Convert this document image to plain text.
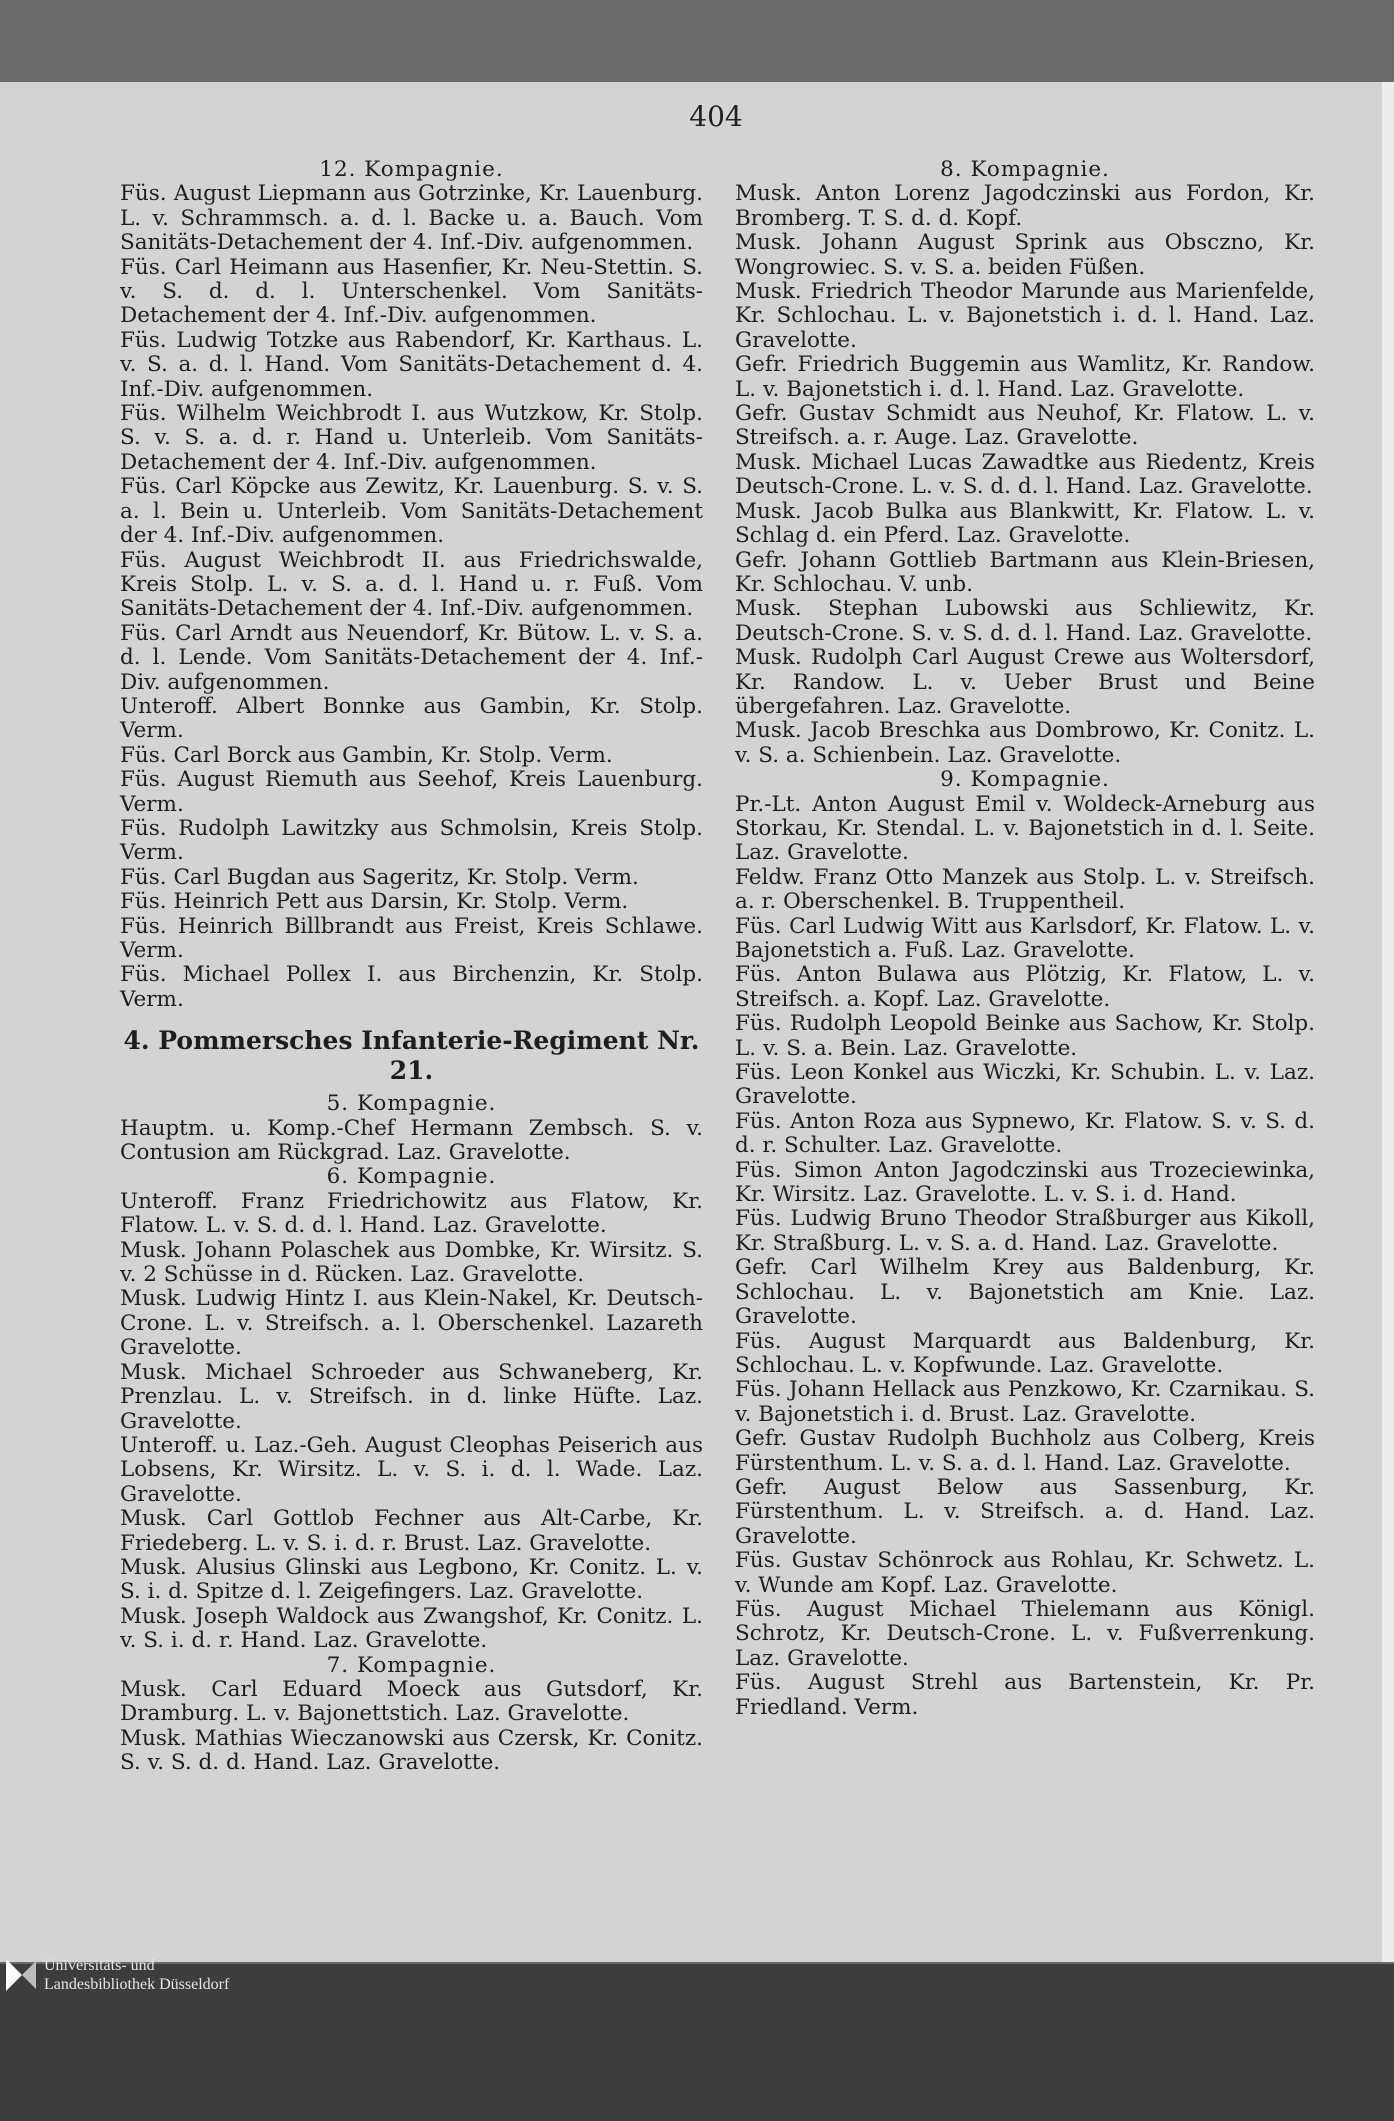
404
12. Kompagnie.
Füs. August Liepmann aus Gotrzinke, Kr. Lauenburg. L. v. Schrammsch. a. d. l. Backe u. a. Bauch. Vom Sanitäts-Detachement der 4. Inf.-Div. aufgenommen.
Füs. Carl Heimann aus Hasenfier, Kr. Neu-Stettin. S. v. S. d. d. l. Unterschenkel. Vom Sanitäts-Detachement der 4. Inf.-Div. aufgenommen.
Füs. Ludwig Totzke aus Rabendorf, Kr. Karthaus. L. v. S. a. d. l. Hand. Vom Sanitäts-Detachement d. 4. Inf.-Div. aufgenommen.
Füs. Wilhelm Weichbrodt I. aus Wutzkow, Kr. Stolp. S. v. S. a. d. r. Hand u. Unterleib. Vom Sanitäts-Detachement der 4. Inf.-Div. aufgenommen.
Füs. Carl Köpcke aus Zewitz, Kr. Lauenburg. S. v. S. a. l. Bein u. Unterleib. Vom Sanitäts-Detachement der 4. Inf.-Div. aufgenommen.
Füs. August Weichbrodt II. aus Friedrichswalde, Kreis Stolp. L. v. S. a. d. l. Hand u. r. Fuß. Vom Sanitäts-Detachement der 4. Inf.-Div. aufgenommen.
Füs. Carl Arndt aus Neuendorf, Kr. Bütow. L. v. S. a. d. l. Lende. Vom Sanitäts-Detachement der 4. Inf.-Div. aufgenommen.
Unteroff. Albert Bonnke aus Gambin, Kr. Stolp. Verm.
Füs. Carl Borck aus Gambin, Kr. Stolp. Verm.
Füs. August Riemuth aus Seehof, Kreis Lauenburg. Verm.
Füs. Rudolph Lawitzky aus Schmolsin, Kreis Stolp. Verm.
Füs. Carl Bugdan aus Sageritz, Kr. Stolp. Verm.
Füs. Heinrich Pett aus Darsin, Kr. Stolp. Verm.
Füs. Heinrich Billbrandt aus Freist, Kreis Schlawe. Verm.
Füs. Michael Pollex I. aus Birchenzin, Kr. Stolp. Verm.
4. Pommersches Infanterie-Regiment Nr. 21.
5. Kompagnie.
Hauptm. u. Komp.-Chef Hermann Zembsch. S. v. Contusion am Rückgrad. Laz. Gravelotte.
6. Kompagnie.
Unteroff. Franz Friedrichowitz aus Flatow, Kr. Flatow. L. v. S. d. d. l. Hand. Laz. Gravelotte.
Musk. Johann Polaschek aus Dombke, Kr. Wirsitz. S. v. 2 Schüsse in d. Rücken. Laz. Gravelotte.
Musk. Ludwig Hintz I. aus Klein-Nakel, Kr. Deutsch-Crone. L. v. Streifsch. a. l. Oberschenkel. Lazareth Gravelotte.
Musk. Michael Schroeder aus Schwaneberg, Kr. Prenzlau. L. v. Streifsch. in d. linke Hüfte. Laz. Gravelotte.
Unteroff. u. Laz.-Geh. August Cleophas Peiserich aus Lobsens, Kr. Wirsitz. L. v. S. i. d. l. Wade. Laz. Gravelotte.
Musk. Carl Gottlob Fechner aus Alt-Carbe, Kr. Friedeberg. L. v. S. i. d. r. Brust. Laz. Gravelotte.
Musk. Alusius Glinski aus Legbono, Kr. Conitz. L. v. S. i. d. Spitze d. l. Zeigefingers. Laz. Gravelotte.
Musk. Joseph Waldock aus Zwangshof, Kr. Conitz. L. v. S. i. d. r. Hand. Laz. Gravelotte.
7. Kompagnie.
Musk. Carl Eduard Moeck aus Gutsdorf, Kr. Dramburg. L. v. Bajonettstich. Laz. Gravelotte.
Musk. Mathias Wieczanowski aus Czersk, Kr. Conitz. S. v. S. d. d. Hand. Laz. Gravelotte.
8. Kompagnie.
Musk. Anton Lorenz Jagodczinski aus Fordon, Kr. Bromberg. T. S. d. d. Kopf.
Musk. Johann August Sprink aus Obsczno, Kr. Wongrowiec. S. v. S. a. beiden Füßen.
Musk. Friedrich Theodor Marunde aus Marienfelde, Kr. Schlochau. L. v. Bajonetstich i. d. l. Hand. Laz. Gravelotte.
Gefr. Friedrich Buggemin aus Wamlitz, Kr. Randow. L. v. Bajonetstich i. d. l. Hand. Laz. Gravelotte.
Gefr. Gustav Schmidt aus Neuhof, Kr. Flatow. L. v. Streifsch. a. r. Auge. Laz. Gravelotte.
Musk. Michael Lucas Zawadtke aus Riedentz, Kreis Deutsch-Crone. L. v. S. d. d. l. Hand. Laz. Gravelotte.
Musk. Jacob Bulka aus Blankwitt, Kr. Flatow. L. v. Schlag d. ein Pferd. Laz. Gravelotte.
Gefr. Johann Gottlieb Bartmann aus Klein-Briesen, Kr. Schlochau. V. unb.
Musk. Stephan Lubowski aus Schliewitz, Kr. Deutsch-Crone. S. v. S. d. d. l. Hand. Laz. Gravelotte.
Musk. Rudolph Carl August Crewe aus Woltersdorf, Kr. Randow. L. v. Ueber Brust und Beine übergefahren. Laz. Gravelotte.
Musk. Jacob Breschka aus Dombrowo, Kr. Conitz. L. v. S. a. Schienbein. Laz. Gravelotte.
9. Kompagnie.
Pr.-Lt. Anton August Emil v. Woldeck-Arneburg aus Storkau, Kr. Stendal. L. v. Bajonetstich in d. l. Seite. Laz. Gravelotte.
Feldw. Franz Otto Manzek aus Stolp. L. v. Streifsch. a. r. Oberschenkel. B. Truppentheil.
Füs. Carl Ludwig Witt aus Karlsdorf, Kr. Flatow. L. v. Bajonetstich a. Fuß. Laz. Gravelotte.
Füs. Anton Bulawa aus Plötzig, Kr. Flatow, L. v. Streifsch. a. Kopf. Laz. Gravelotte.
Füs. Rudolph Leopold Beinke aus Sachow, Kr. Stolp. L. v. S. a. Bein. Laz. Gravelotte.
Füs. Leon Konkel aus Wiczki, Kr. Schubin. L. v. Laz. Gravelotte.
Füs. Anton Roza aus Sypnewo, Kr. Flatow. S. v. S. d. d. r. Schulter. Laz. Gravelotte.
Füs. Simon Anton Jagodczinski aus Trozeciewinka, Kr. Wirsitz. Laz. Gravelotte. L. v. S. i. d. Hand.
Füs. Ludwig Bruno Theodor Straßburger aus Kikoll, Kr. Straßburg. L. v. S. a. d. Hand. Laz. Gravelotte.
Gefr. Carl Wilhelm Krey aus Baldenburg, Kr. Schlochau. L. v. Bajonetstich am Knie. Laz. Gravelotte.
Füs. August Marquardt aus Baldenburg, Kr. Schlochau. L. v. Kopfwunde. Laz. Gravelotte.
Füs. Johann Hellack aus Penzkowo, Kr. Czarnikau. S. v. Bajonetstich i. d. Brust. Laz. Gravelotte.
Gefr. Gustav Rudolph Buchholz aus Colberg, Kreis Fürstenthum. L. v. S. a. d. l. Hand. Laz. Gravelotte.
Gefr. August Below aus Sassenburg, Kr. Fürstenthum. L. v. Streifsch. a. d. Hand. Laz. Gravelotte.
Füs. Gustav Schönrock aus Rohlau, Kr. Schwetz. L. v. Wunde am Kopf. Laz. Gravelotte.
Füs. August Michael Thielemann aus Königl. Schrotz, Kr. Deutsch-Crone. L. v. Fußverrenkung. Laz. Gravelotte.
Füs. August Strehl aus Bartenstein, Kr. Pr. Friedland. Verm.
Universitäts- und
Landesbibliothek Düsseldorf
